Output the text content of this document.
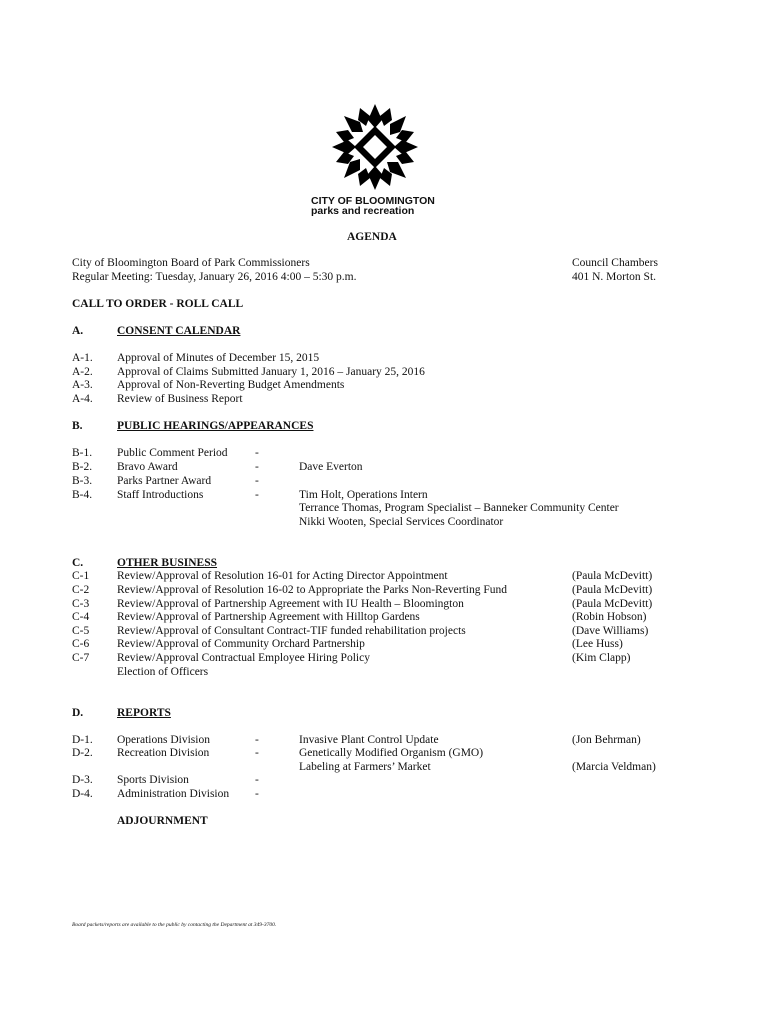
CITY OF BLOOMINGTON
parks and recreation
AGENDA
City of Bloomington Board of Park Commissioners
Regular Meeting: Tuesday, January 26, 2016 4:00 – 5:30 p.m.
Council Chambers
401 N. Morton St.
CALL TO ORDER - ROLL CALL
A.	CONSENT CALENDAR
A-1. Approval of Minutes of December 15, 2015
A-2. Approval of Claims Submitted January 1, 2016 – January 25, 2016
A-3. Approval of Non-Reverting Budget Amendments
A-4. Review of Business Report
B.	PUBLIC HEARINGS/APPEARANCES
B-1. Public Comment Period -
B-2. Bravo Award	-	Dave Everton
B-3. Parks Partner Award	-
B-4. Staff Introductions	-	Tim Holt, Operations Intern
Terrance Thomas, Program Specialist – Banneker Community Center
Nikki Wooten, Special Services Coordinator
C.	OTHER BUSINESS
C-1 Review/Approval of Resolution 16-01 for Acting Director Appointment	(Paula McDevitt)
C-2 Review/Approval of Resolution 16-02 to Appropriate the Parks Non-Reverting Fund	(Paula McDevitt)
C-3 Review/Approval of Partnership Agreement with IU Health – Bloomington	(Paula McDevitt)
C-4 Review/Approval of Partnership Agreement with Hilltop Gardens	(Robin Hobson)
C-5 Review/Approval of Consultant Contract-TIF funded rehabilitation projects	(Dave Williams)
C-6 Review/Approval of Community Orchard Partnership	(Lee Huss)
C-7 Review/Approval Contractual Employee Hiring Policy	(Kim Clapp)
Election of Officers
D.	REPORTS
D-1. Operations Division	-	Invasive Plant Control Update	(Jon Behrman)
D-2. Recreation Division	-	Genetically Modified Organism (GMO)
Labeling at Farmers’ Market	(Marcia Veldman)
D-3. Sports Division	-
D-4. Administration Division -
ADJOURNMENT
Board packets/reports are available to the public by contacting the Department at 349-3700.
